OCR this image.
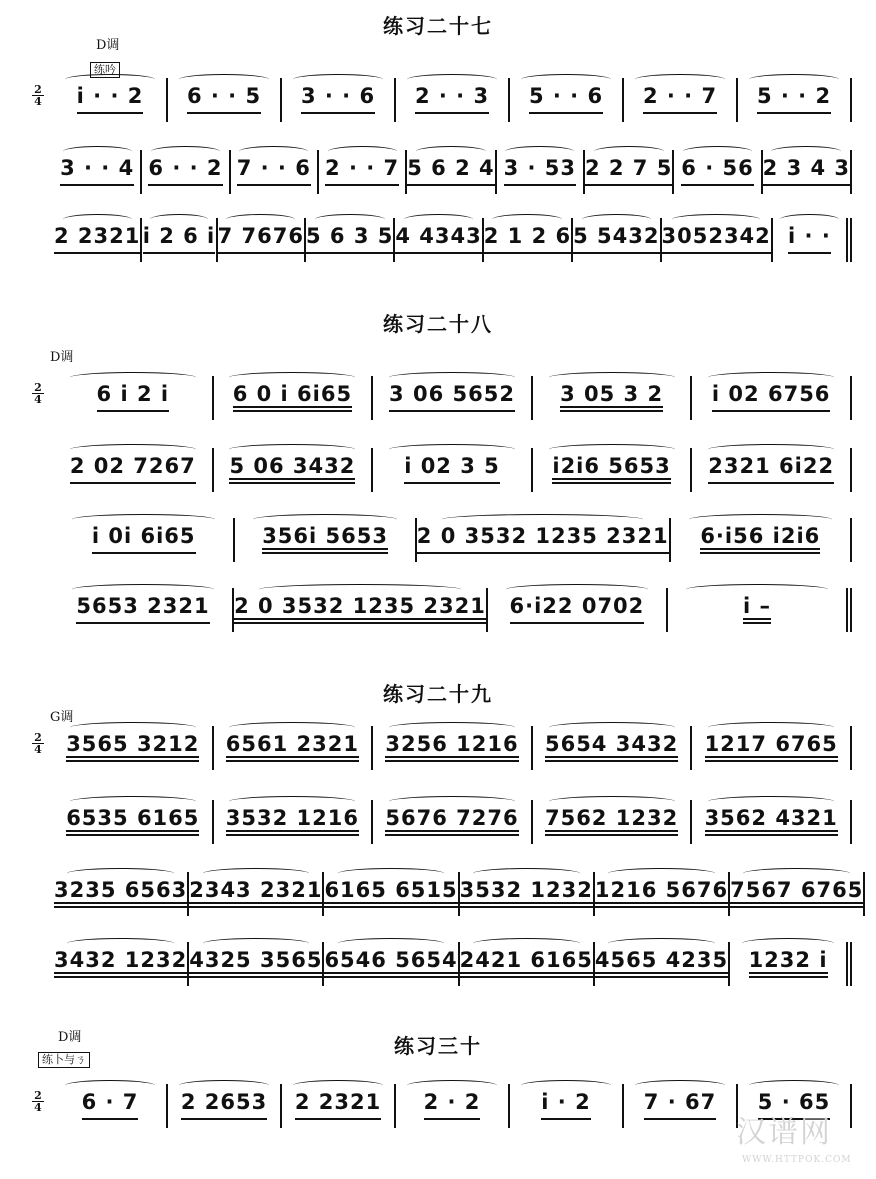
练习二十七
D调
练吟
2
4 i · · 2 6 · · 5 3 · · 6 2 · · 3 5 · · 6 2 · · 7 5 · · 2
3 · · 4 6 · · 2 7 · · 6 2 · · 7 5 6 2 4 3 · 53 2 2 7 5 6 · 56 2 3 4 3
2 2321 i 2 6 i 7 7676 5 6 3 5 4 4343 2 1 2 6 5 5432 3052342 i · ·
练习二十八
D调
2
4	6 i 2 i	6 0 i 6i65 3 06 5652 3 05 3 2 i 02 6756
2 02 7267 5 06 3432 i 02 3 5	i2i6 5653 2321 6i22
i 0i 6i65	356i 5653 2 0 3532 1235 2321 6·i56 i2i6
5653 2321 2 0 3532 1235 2321 6·i22 0702	i –
练习二十九
G调
2
4 3565 3212 6561 2321 3256 1216 5654 3432 1217 6765
6535 6165 3532 1216 5676 7276 7562 1232 3562 4321
3235 6563 2343 2321 6165 6515 3532 1232 1216 5676 7567 6765
3432 1232 4325 3565 6546 5654 2421 6165 4565 4235 1232 i
练习三十
D调
练卜与ㄋ
2
4 6 · 7 2 2653 2 2321 2 · 2	i · 2	7 · 67 5 · 65
汉谱网
WWW.HTTPOK.COM
